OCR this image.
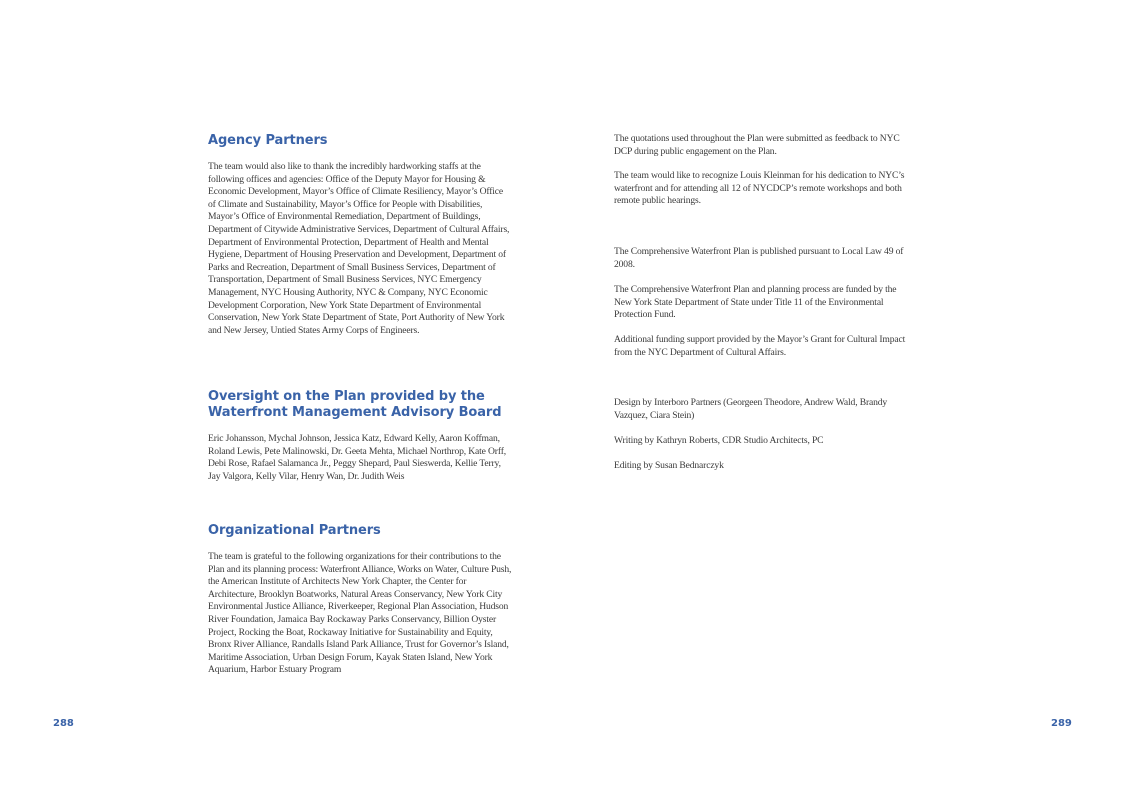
Agency Partners

The team would also like to thank the incredibly hardworking staffs at the following offices and agencies: Office of the Deputy Mayor for Housing & Economic Development, Mayor’s Office of Climate Resiliency, Mayor’s Office of Climate and Sustainability, Mayor’s Office for People with Disabilities, Mayor’s Office of Environmental Remediation, Department of Buildings, Department of Citywide Administrative Services, Department of Cultural Affairs, Department of Environmental Protection, Department of Health and Mental Hygiene, Department of Housing Preservation and Development, Department of Parks and Recreation, Department of Small Business Services, Department of Transportation, Department of Small Business Services, NYC Emergency Management, NYC Housing Authority, NYC & Company, NYC Economic Development Corporation, New York State Department of Environmental Conservation, New York State Department of State, Port Authority of New York and New Jersey, Untied States Army Corps of Engineers.

Oversight on the Plan provided by the
Waterfront Management Advisory Board

Eric Johansson, Mychal Johnson, Jessica Katz, Edward Kelly, Aaron Koffman, Roland Lewis, Pete Malinowski, Dr. Geeta Mehta, Michael Northrop, Kate Orff, Debi Rose, Rafael Salamanca Jr., Peggy Shepard, Paul Sieswerda, Kellie Terry, Jay Valgora, Kelly Vilar, Henry Wan, Dr. Judith Weis

Organizational Partners

The team is grateful to the following organizations for their contributions to the Plan and its planning process: Waterfront Alliance, Works on Water, Culture Push, the American Institute of Architects New York Chapter, the Center for Architecture, Brooklyn Boatworks, Natural Areas Conservancy, New York City Environmental Justice Alliance, Riverkeeper, Regional Plan Association, Hudson River Foundation, Jamaica Bay Rockaway Parks Conservancy, Billion Oyster Project, Rocking the Boat, Rockaway Initiative for Sustainability and Equity, Bronx River Alliance, Randalls Island Park Alliance, Trust for Governor’s Island, Maritime Association, Urban Design Forum, Kayak Staten Island, New York Aquarium, Harbor Estuary Program

The quotations used throughout the Plan were submitted as feedback to NYC DCP during public engagement on the Plan.

The team would like to recognize Louis Kleinman for his dedication to NYC’s waterfront and for attending all 12 of NYCDCP’s remote workshops and both remote public hearings.

The Comprehensive Waterfront Plan is published pursuant to Local Law 49 of 2008.

The Comprehensive Waterfront Plan and planning process are funded by the New York State Department of State under Title 11 of the Environmental Protection Fund.

Additional funding support provided by the Mayor’s Grant for Cultural Impact from the NYC Department of Cultural Affairs.

Design by Interboro Partners (Georgeen Theodore, Andrew Wald, Brandy Vazquez, Ciara Stein)

Writing by Kathryn Roberts, CDR Studio Architects, PC

Editing by Susan Bednarczyk

288	289
